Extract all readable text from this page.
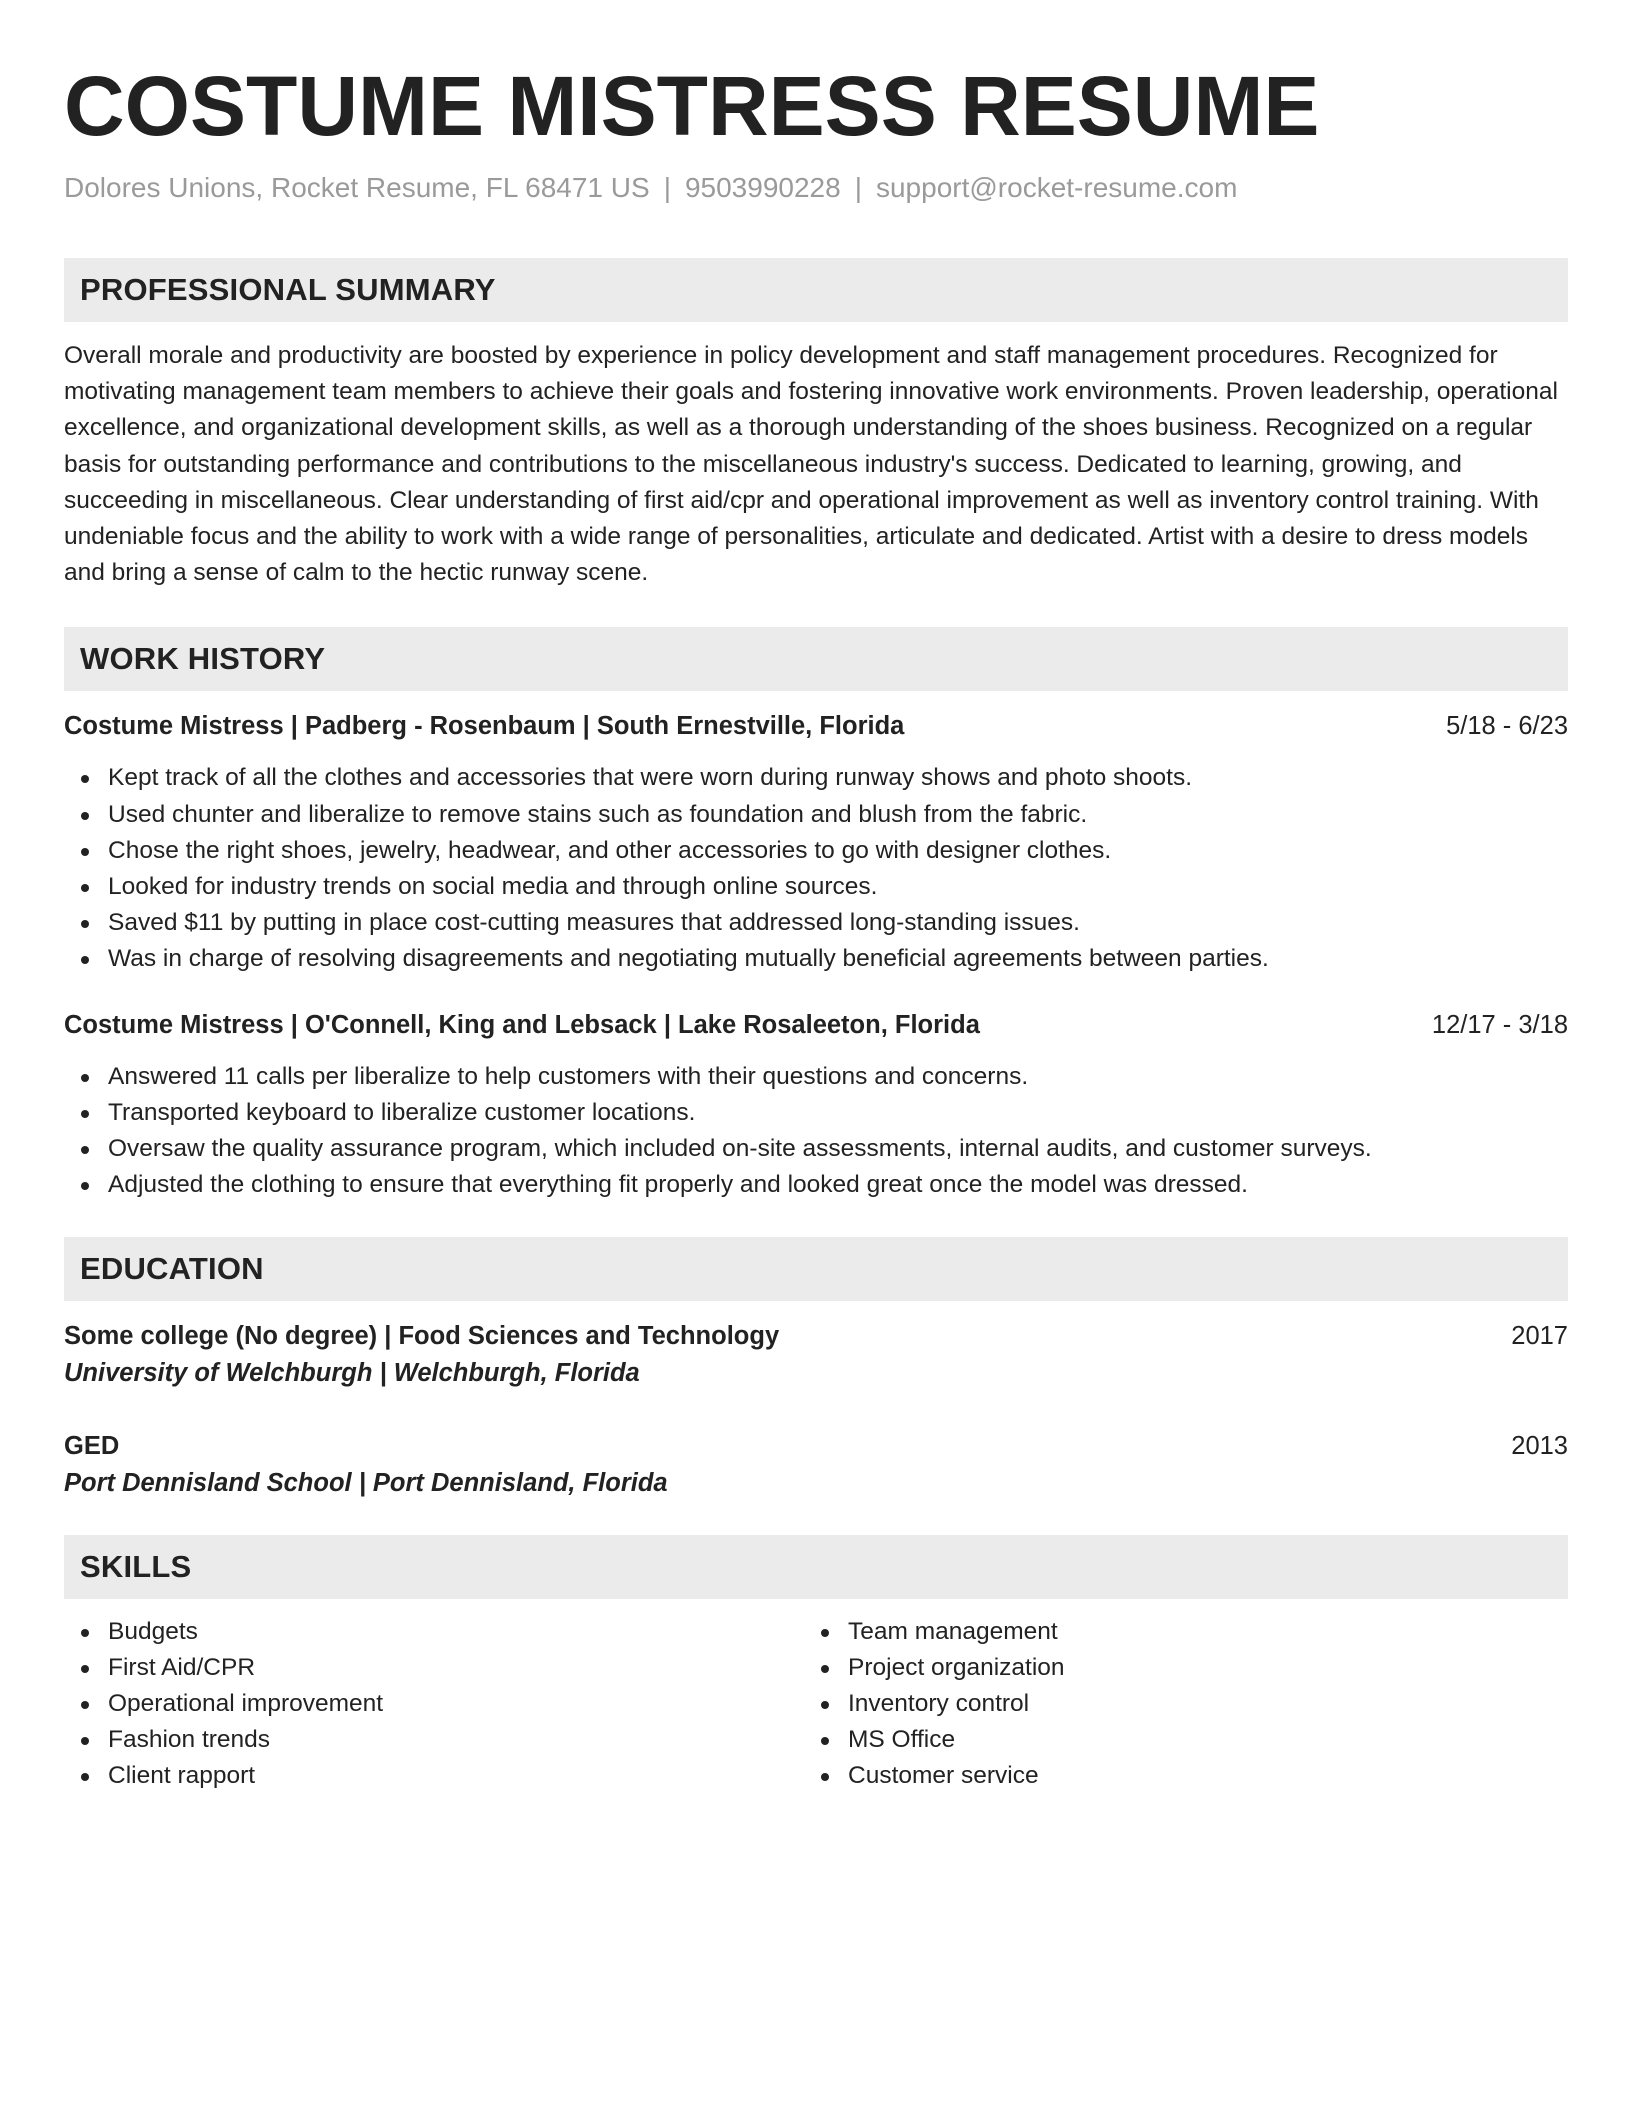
COSTUME MISTRESS RESUME
Dolores Unions, Rocket Resume, FL 68471 US | 9503990228 | support@rocket-resume.com
PROFESSIONAL SUMMARY

Overall morale and productivity are boosted by experience in policy development and staff management procedures. Recognized for motivating management team members to achieve their goals and fostering innovative work environments. Proven leadership, operational excellence, and organizational development skills, as well as a thorough understanding of the shoes business. Recognized on a regular basis for outstanding performance and contributions to the miscellaneous industry's success. Dedicated to learning, growing, and succeeding in miscellaneous. Clear understanding of first aid/cpr and operational improvement as well as inventory control training. With undeniable focus and the ability to work with a wide range of personalities, articulate and dedicated. Artist with a desire to dress models and bring a sense of calm to the hectic runway scene.

WORK HISTORY
Costume Mistress | Padberg - Rosenbaum | South Ernestville, Florida	5/18 - 6/23
Kept track of all the clothes and accessories that were worn during runway shows and photo shoots.
Used chunter and liberalize to remove stains such as foundation and blush from the fabric.
Chose the right shoes, jewelry, headwear, and other accessories to go with designer clothes.
Looked for industry trends on social media and through online sources.
Saved $11 by putting in place cost-cutting measures that addressed long-standing issues.
Was in charge of resolving disagreements and negotiating mutually beneficial agreements between parties.
Costume Mistress | O'Connell, King and Lebsack | Lake Rosaleeton, Florida	12/17 - 3/18
Answered 11 calls per liberalize to help customers with their questions and concerns.
Transported keyboard to liberalize customer locations.
Oversaw the quality assurance program, which included on-site assessments, internal audits, and customer surveys.
Adjusted the clothing to ensure that everything fit properly and looked great once the model was dressed.
EDUCATION
Some college (No degree) | Food Sciences and Technology	2017
University of Welchburgh | Welchburgh, Florida
GED	2013
Port Dennisland School | Port Dennisland, Florida
SKILLS
Budgets
First Aid/CPR
Operational improvement
Fashion trends
Client rapport
Team management
Project organization
Inventory control
MS Office
Customer service
